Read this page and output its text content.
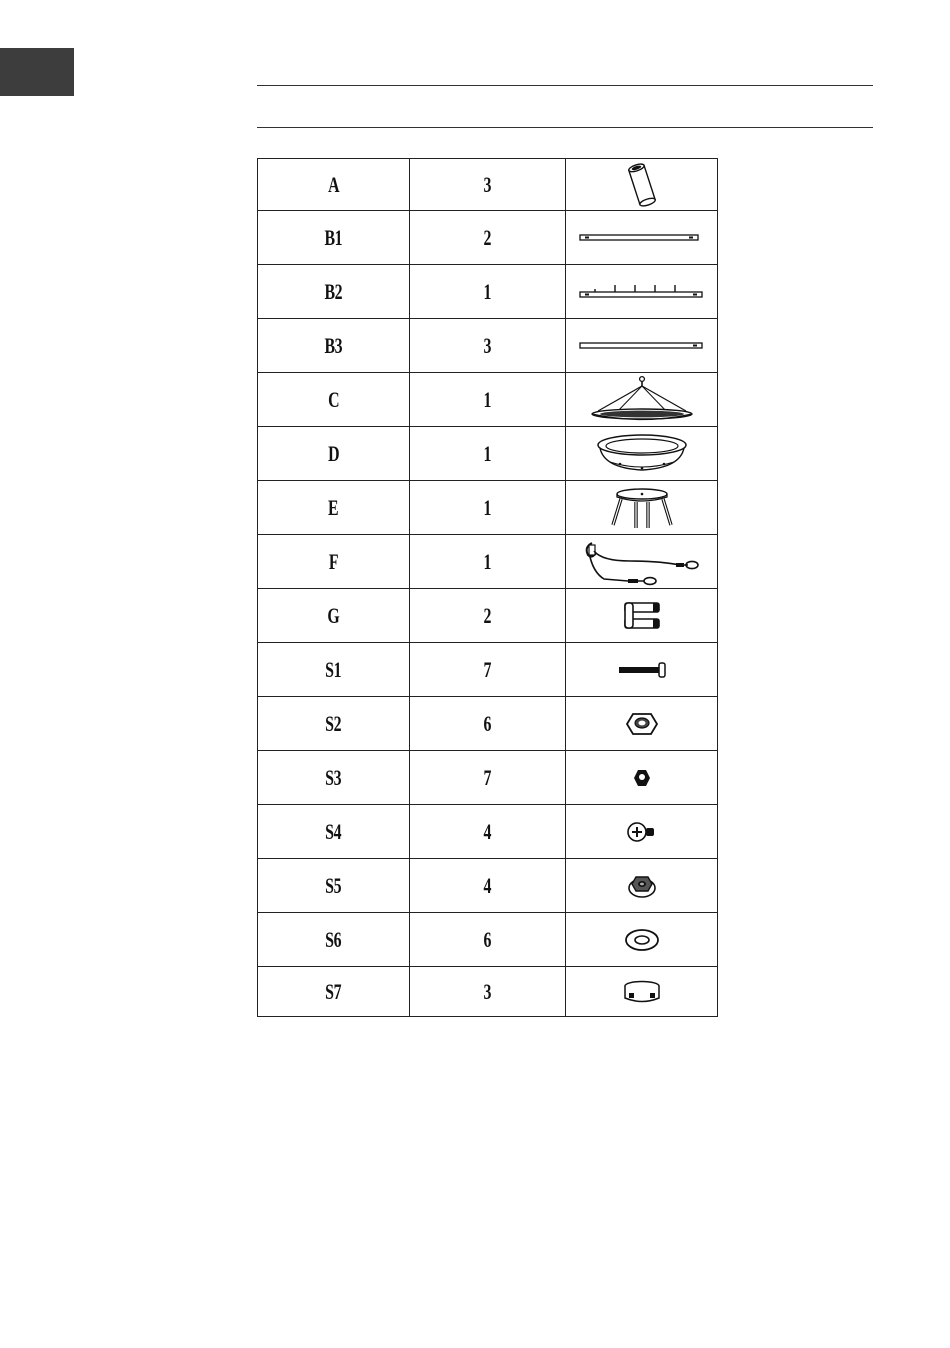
A	3	

B1	2	

B2	1	

B3	3	

C	1	

D	1	

E	1	

F	1	

G	2	

S1	7	

S2	6	

S3	7	

S4	4	

S5	4	

S6	6	

S7	3	
